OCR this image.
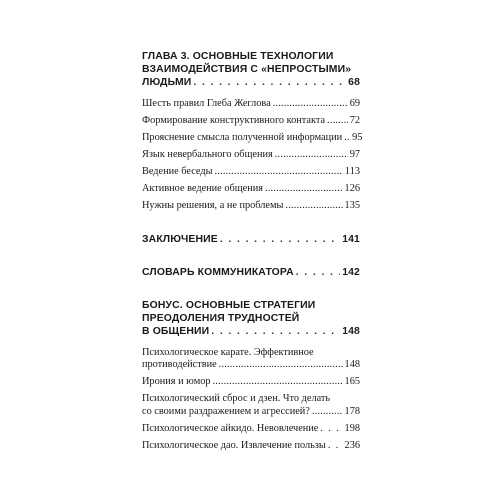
ГЛАВА 3. ОСНОВНЫЕ ТЕХНОЛОГИИ
ВЗАИМОДЕЙСТВИЯ С «НЕПРОСТЫМИ»
ЛЮДЬМИ . . .	68
Шесть правил Глеба Жеглова .....	69
Формирование конструктивного контакта ..... 72
Прояснение смысла полученной информации ..... 95
Язык невербального общения .....	97
Ведение беседы .....	113
Активное ведение общения .....	126
Нужны решения, а не проблемы .....	135
ЗАКЛЮЧЕНИЕ . . .	141
СЛОВАРЬ КОММУНИКАТОРА . . .	142
БОНУС. ОСНОВНЫЕ СТРАТЕГИИ
ПРЕОДОЛЕНИЯ ТРУДНОСТЕЙ
В ОБЩЕНИИ . . .	148
Психологическое карате. Эффективное
противодействие .....	148
Ирония и юмор .....	165
Психологический сброс и дзен. Что делать
со своими раздражением и агрессией? .....	178
Психологическое айкидо. Невовлечение . . .	198
Психологическое дао. Извлечение пользы . . . 236
